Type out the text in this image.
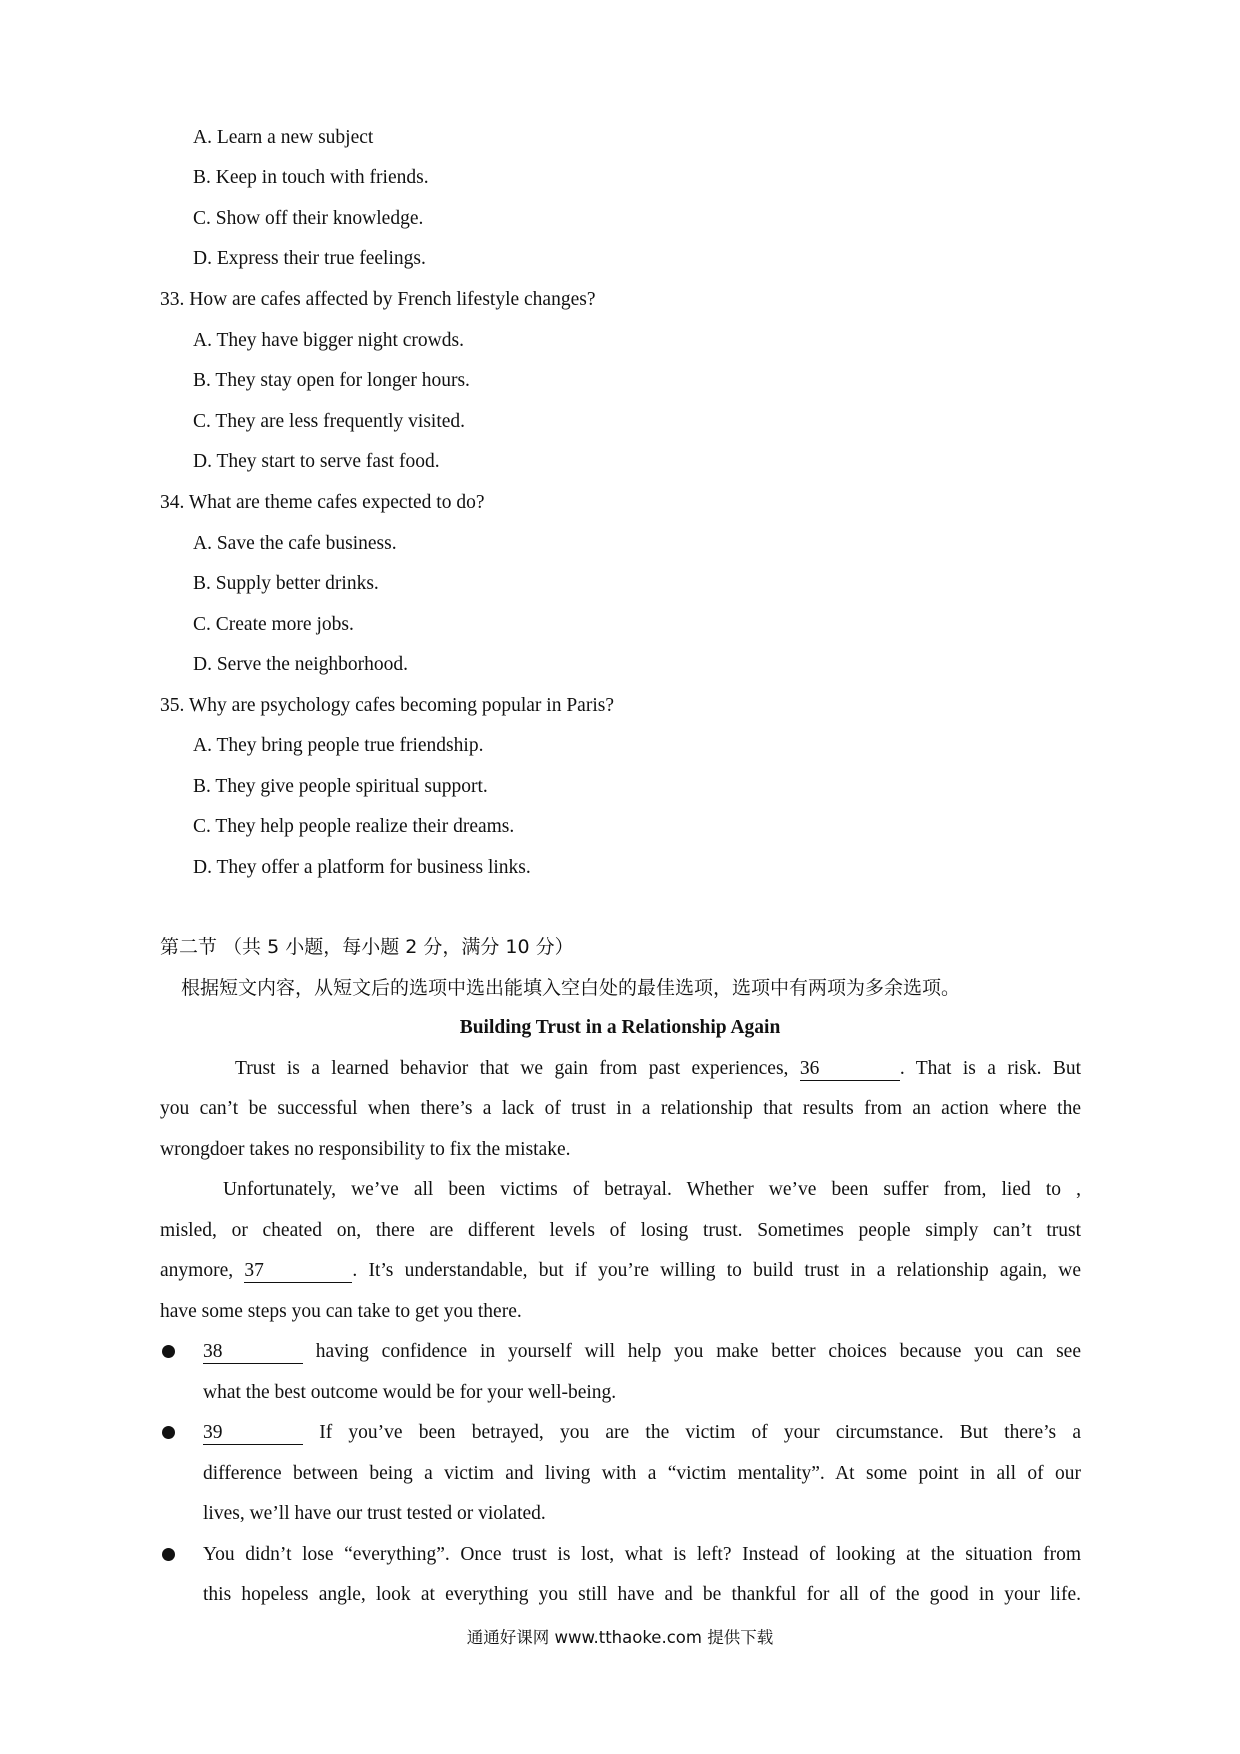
A. Learn a new subject
B. Keep in touch with friends.
C. Show off their knowledge.
D. Express their true feelings.
33. How are cafes affected by French lifestyle changes?
A. They have bigger night crowds.
B. They stay open for longer hours.
C. They are less frequently visited.
D. They start to serve fast food.
34. What are theme cafes expected to do?
A. Save the cafe business.
B. Supply better drinks.
C. Create more jobs.
D. Serve the neighborhood.
35. Why are psychology cafes becoming popular in Paris?
A. They bring people true friendship.
B. They give people spiritual support.
C. They help people realize their dreams.
D. They offer a platform for business links.
第二节 （共 5 小题，每小题 2 分，满分 10 分）
根据短文内容，从短文后的选项中选出能填入空白处的最佳选项，选项中有两项为多余选项。
Building Trust in a Relationship Again
Trust is a learned behavior that we gain from past experiences, 36	. That is a risk. But
you can’t be successful when there’s a lack of trust in a relationship that results from an action where the
wrongdoer takes no responsibility to fix the mistake.
Unfortunately, we’ve all been victims of betrayal. Whether we’ve been suffer from, lied to ,
misled, or cheated on, there are different levels of losing trust. Sometimes people simply can’t trust
anymore, 37	. It’s understandable, but if you’re willing to build trust in a relationship again, we
have some steps you can take to get you there.
38	having confidence in yourself will help you make better choices because you can see
what the best outcome would be for your well-being.
39	If you’ve been betrayed, you are the victim of your circumstance. But there’s a
difference between being a victim and living with a “victim mentality”. At some point in all of our
lives, we’ll have our trust tested or violated.
You didn’t lose “everything”. Once trust is lost, what is left? Instead of looking at the situation from
this hopeless angle, look at everything you still have and be thankful for all of the good in your life.
通通好课网 www.tthaoke.com 提供下载
